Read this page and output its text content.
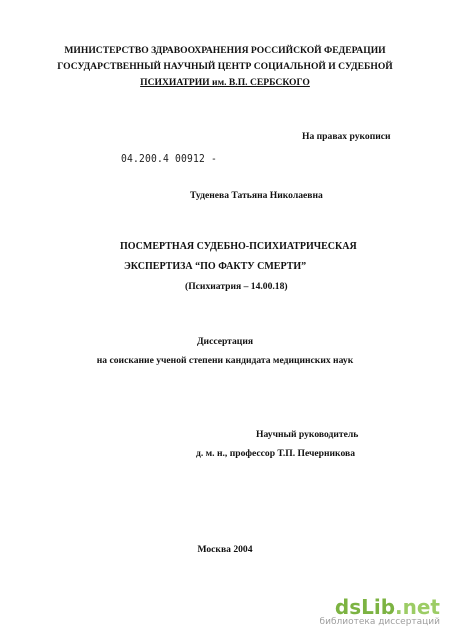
МИНИСТЕРСТВО ЗДРАВООХРАНЕНИЯ РОССИЙСКОЙ ФЕДЕРАЦИИ
ГОСУДАРСТВЕННЫЙ НАУЧНЫЙ ЦЕНТР СОЦИАЛЬНОЙ И СУДЕБНОЙ
ПСИХИАТРИИ им. В.П. СЕРБСКОГО
На правах рукописи
04.200.4 00912 -
Туденева Татьяна Николаевна
ПОСМЕРТНАЯ СУДЕБНО-ПСИХИАТРИЧЕСКАЯ
ЭКСПЕРТИЗА “ПО ФАКТУ СМЕРТИ”
(Психиатрия – 14.00.18)
Диссертация
на соискание ученой степени кандидата медицинских наук
Научный руководитель
д. м. н., профессор Т.П. Печерникова
Москва 2004
dsLib.net
библиотека диссертаций
